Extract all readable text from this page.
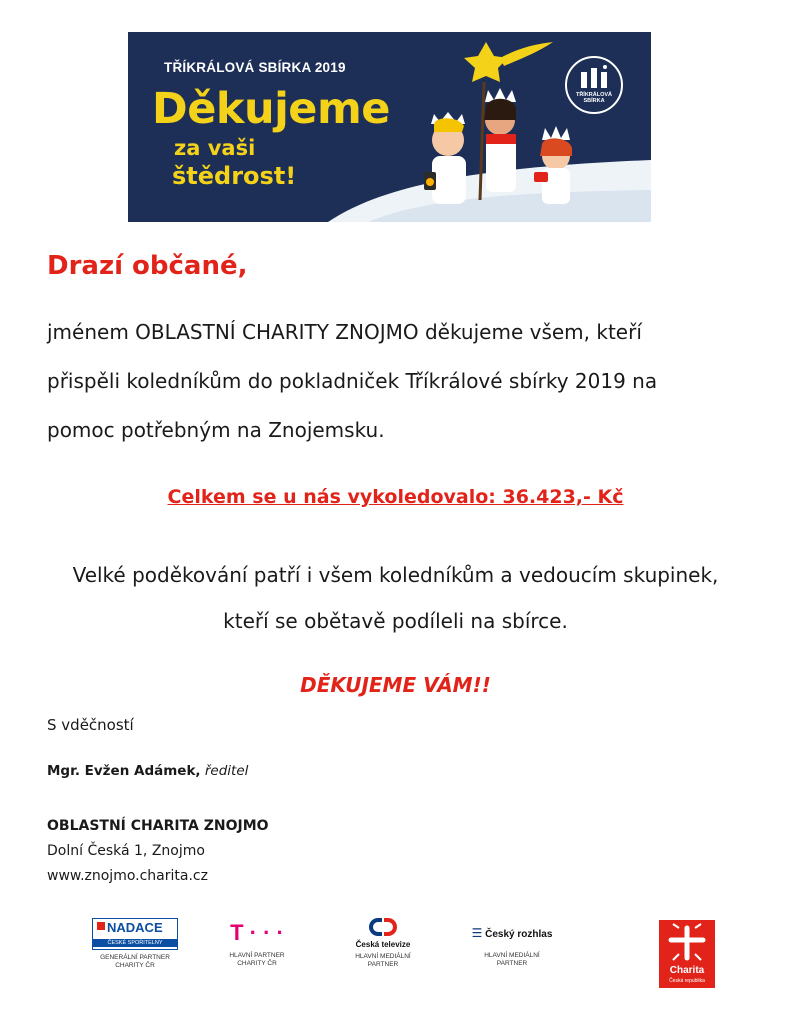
TŘÍKRÁLOVÁ SBÍRKA 2019
Děkujeme
za vaši
štědrost!
TŘÍKRÁLOVÁ
SBÍRKA
Drazí občané,
jménem OBLASTNÍ CHARITY ZNOJMO děkujeme všem, kteří
přispěli koledníkům do pokladniček Tříkrálové sbírky 2019 na
pomoc potřebným na Znojemsku.
Celkem se u nás vykoledovalo: 36.423,- Kč
Velké poděkování patří i všem koledníkům a vedoucím skupinek,
kteří se obětavě podíleli na sbírce.
DĚKUJEME VÁM!!
S vděčností
Mgr. Evžen Adámek, ředitel
OBLASTNÍ CHARITA ZNOJMO
Dolní Česká 1, Znojmo
www.znojmo.charita.cz
NADACE
ČESKÉ SPOŘITELNY
GENERÁLNÍ PARTNER
CHARITY ČR
T · · ·
HLAVNÍ PARTNER
CHARITY ČR
Česká televize
HLAVNÍ MEDIÁLNÍ
PARTNER
☰ Český rozhlas
HLAVNÍ MEDIÁLNÍ
PARTNER
Charita
Česká republika
